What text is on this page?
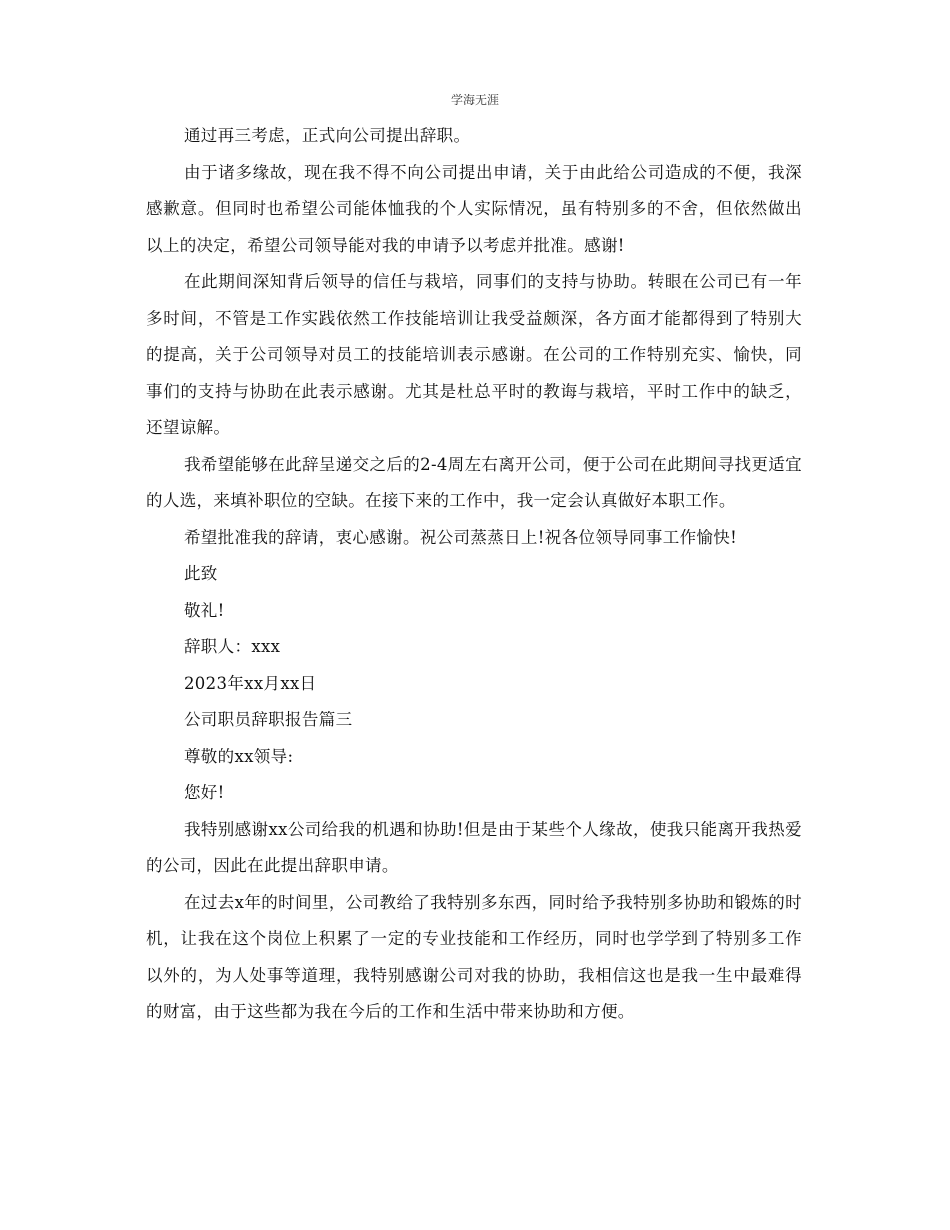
学海无涯

通过再三考虑，正式向公司提出辞职。

由于诸多缘故，现在我不得不向公司提出申请，关于由此给公司造成的不便，我深感歉意。但同时也希望公司能体恤我的个人实际情况，虽有特别多的不舍，但依然做出以上的决定，希望公司领导能对我的申请予以考虑并批准。感谢!

在此期间深知背后领导的信任与栽培，同事们的支持与协助。转眼在公司已有一年多时间，不管是工作实践依然工作技能培训让我受益颇深，各方面才能都得到了特别大的提高，关于公司领导对员工的技能培训表示感谢。在公司的工作特别充实、愉快，同事们的支持与协助在此表示感谢。尤其是杜总平时的教诲与栽培，平时工作中的缺乏，还望谅解。

我希望能够在此辞呈递交之后的2-4周左右离开公司，便于公司在此期间寻找更适宜的人选，来填补职位的空缺。在接下来的工作中，我一定会认真做好本职工作。

希望批准我的辞请，衷心感谢。祝公司蒸蒸日上!祝各位领导同事工作愉快!

此致

敬礼!

辞职人：xxx

2023年xx月xx日

公司职员辞职报告篇三

尊敬的xx领导:

您好!

我特别感谢xx公司给我的机遇和协助!但是由于某些个人缘故，使我只能离开我热爱的公司，因此在此提出辞职申请。

在过去x年的时间里，公司教给了我特别多东西，同时给予我特别多协助和锻炼的时机，让我在这个岗位上积累了一定的专业技能和工作经历，同时也学学到了特别多工作以外的，为人处事等道理，我特别感谢公司对我的协助，我相信这也是我一生中最难得的财富，由于这些都为我在今后的工作和生活中带来协助和方便。
